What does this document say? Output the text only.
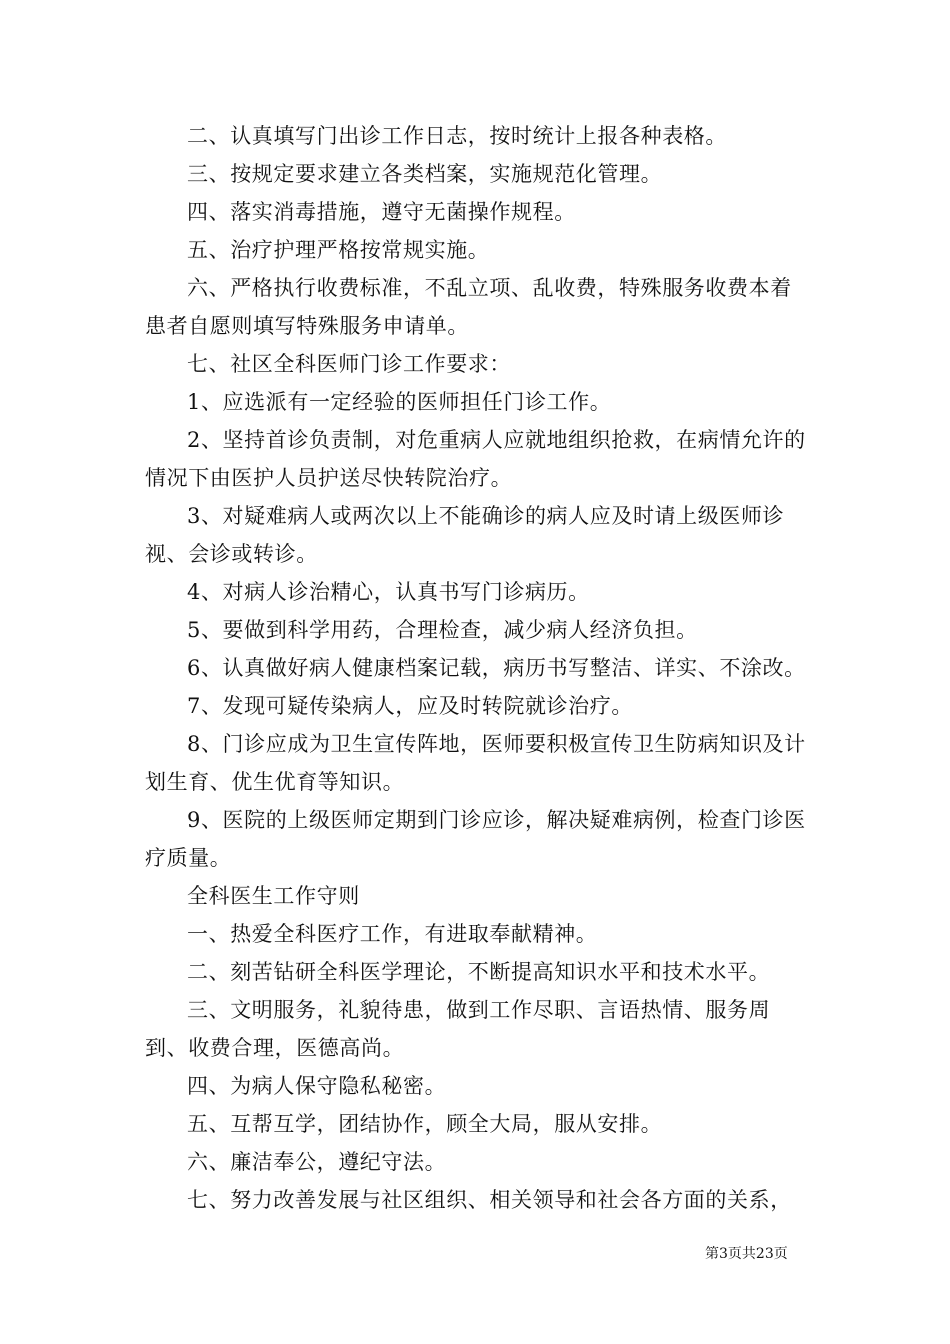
二、认真填写门出诊工作日志，按时统计上报各种表格。

三、按规定要求建立各类档案，实施规范化管理。

四、落实消毒措施，遵守无菌操作规程。

五、治疗护理严格按常规实施。

六、严格执行收费标准，不乱立项、乱收费，特殊服务收费本着患者自愿则填写特殊服务申请单。

七、社区全科医师门诊工作要求：

1、应选派有一定经验的医师担任门诊工作。

2、坚持首诊负责制，对危重病人应就地组织抢救，在病情允许的情况下由医护人员护送尽快转院治疗。

3、对疑难病人或两次以上不能确诊的病人应及时请上级医师诊视、会诊或转诊。

4、对病人诊治精心，认真书写门诊病历。

5、要做到科学用药，合理检查，减少病人经济负担。

6、认真做好病人健康档案记载，病历书写整洁、详实、不涂改。

7、发现可疑传染病人，应及时转院就诊治疗。

8、门诊应成为卫生宣传阵地，医师要积极宣传卫生防病知识及计划生育、优生优育等知识。

9、医院的上级医师定期到门诊应诊，解决疑难病例，检查门诊医疗质量。

全科医生工作守则

一、热爱全科医疗工作，有进取奉献精神。

二、刻苦钻研全科医学理论，不断提高知识水平和技术水平。

三、文明服务，礼貌待患，做到工作尽职、言语热情、服务周到、收费合理，医德高尚。

四、为病人保守隐私秘密。

五、互帮互学，团结协作，顾全大局，服从安排。

六、廉洁奉公，遵纪守法。

七、努力改善发展与社区组织、相关领导和社会各方面的关系，

第3页共23页
